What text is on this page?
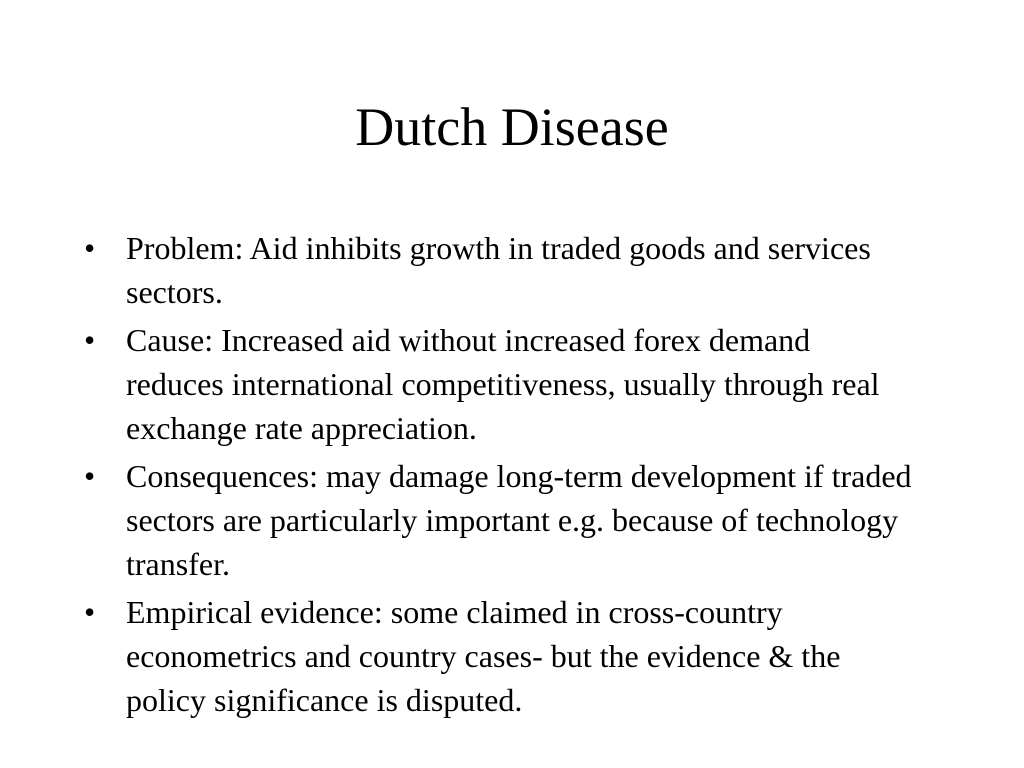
Dutch Disease
• Problem: Aid inhibits growth in traded goods and services sectors.
• Cause: Increased aid without increased forex demand reduces international competitiveness, usually through real exchange rate appreciation.
• Consequences: may damage long-term development if traded sectors are particularly important e.g. because of technology transfer.
• Empirical evidence: some claimed in cross-country econometrics and country cases- but the evidence & the policy significance is disputed.
